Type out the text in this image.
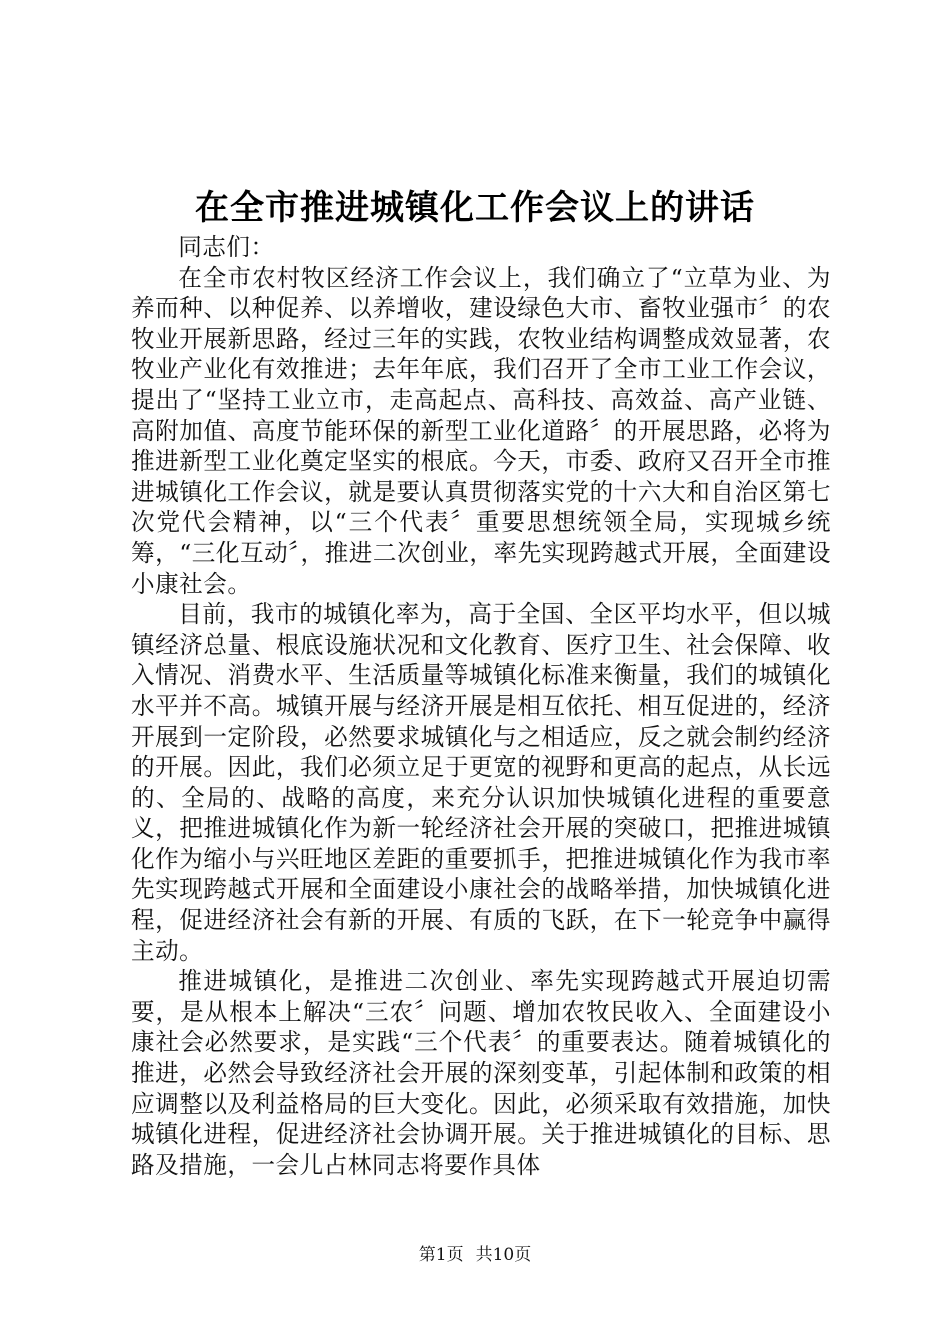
在全市推进城镇化工作会议上的讲话

同志们：

在全市农村牧区经济工作会议上，我们确立了“立草为业、为养而种、以种促养、以养增收，建设绿色大市、畜牧业强市〞的农牧业开展新思路，经过三年的实践，农牧业结构调整成效显著，农牧业产业化有效推进；去年年底，我们召开了全市工业工作会议，提出了“坚持工业立市，走高起点、高科技、高效益、高产业链、高附加值、高度节能环保的新型工业化道路〞的开展思路，必将为推进新型工业化奠定坚实的根底。今天，市委、政府又召开全市推进城镇化工作会议，就是要认真贯彻落实党的十六大和自治区第七次党代会精神，以“三个代表〞重要思想统领全局，实现城乡统筹，“三化互动〞，推进二次创业，率先实现跨越式开展，全面建设小康社会。

目前，我市的城镇化率为，高于全国、全区平均水平，但以城镇经济总量、根底设施状况和文化教育、医疗卫生、社会保障、收入情况、消费水平、生活质量等城镇化标准来衡量，我们的城镇化水平并不高。城镇开展与经济开展是相互依托、相互促进的，经济开展到一定阶段，必然要求城镇化与之相适应，反之就会制约经济的开展。因此，我们必须立足于更宽的视野和更高的起点，从长远的、全局的、战略的高度，来充分认识加快城镇化进程的重要意义，把推进城镇化作为新一轮经济社会开展的突破口，把推进城镇化作为缩小与兴旺地区差距的重要抓手，把推进城镇化作为我市率先实现跨越式开展和全面建设小康社会的战略举措，加快城镇化进程，促进经济社会有新的开展、有质的飞跃，在下一轮竞争中赢得主动。

推进城镇化，是推进二次创业、率先实现跨越式开展迫切需要，是从根本上解决“三农〞问题、增加农牧民收入、全面建设小康社会必然要求，是实践“三个代表〞的重要表达。随着城镇化的推进，必然会导致经济社会开展的深刻变革，引起体制和政策的相应调整以及利益格局的巨大变化。因此，必须采取有效措施，加快城镇化进程，促进经济社会协调开展。关于推进城镇化的目标、思路及措施，一会儿占林同志将要作具体

第1页 共10页
